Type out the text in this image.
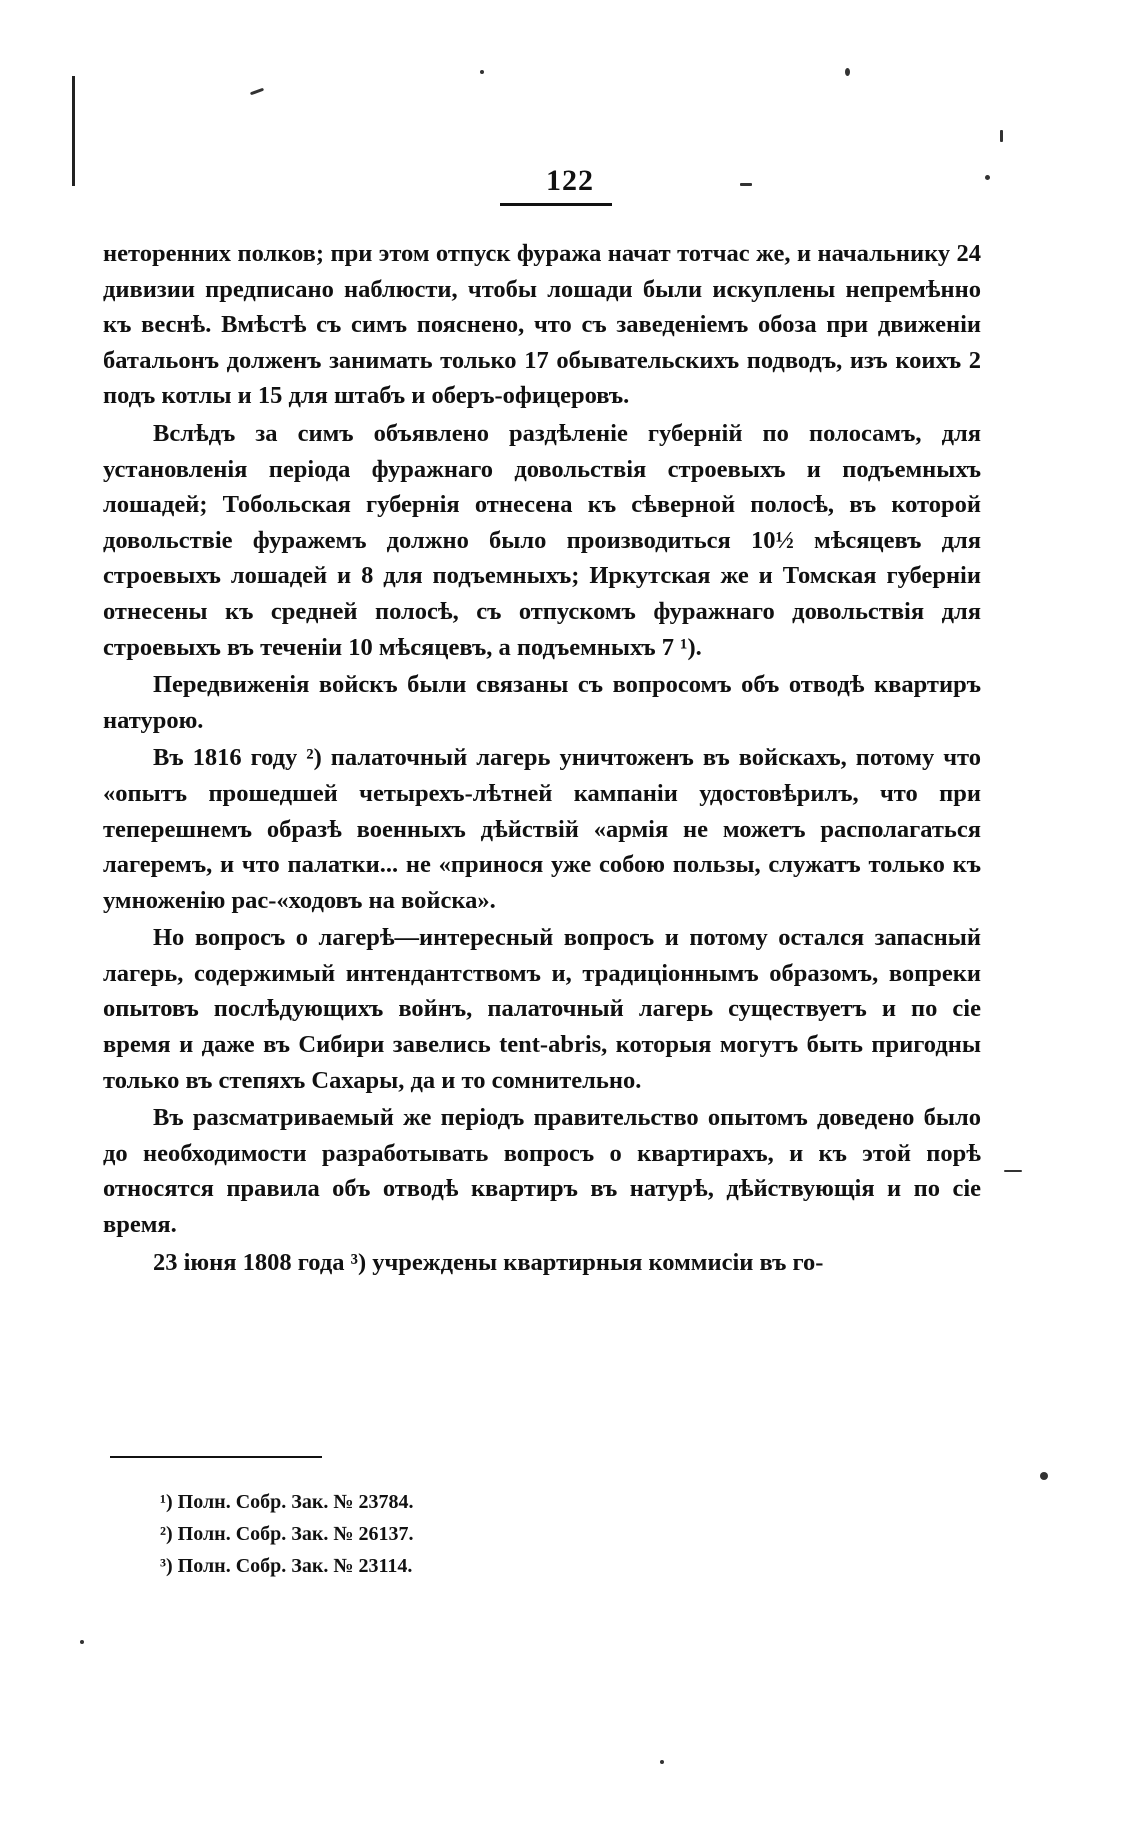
122

неторенних полков; при этом отпуск фуража начат тотчас же, и начальнику 24 дивизии предписано наблюсти, чтобы лошади были искуплены непремѣнно къ веснѣ. Вмѣстѣ съ симъ пояснено, что съ заведенiемъ обоза при движенiи батальонъ долженъ занимать только 17 обывательскихъ подводъ, изъ коихъ 2 подъ котлы и 15 для штабъ и оберъ-офицеровъ.

Вслѣдъ за симъ объявлено раздѣленiе губернiй по полосамъ, для установленiя перiода фуражнаго довольствiя строевыхъ и подъемныхъ лошадей; Тобольская губернiя отнесена къ сѣверной полосѣ, въ которой довольствiе фуражемъ должно было производиться 10½ мѣсяцевъ для строевыхъ лошадей и 8 для подъемныхъ; Иркутская же и Томская губернiи отнесены къ средней полосѣ, съ отпускомъ фуражнаго довольствiя для строевыхъ въ теченiи 10 мѣсяцевъ, а подъемныхъ 7 ¹).

Передвиженiя войскъ были связаны съ вопросомъ объ отводѣ квартиръ натурою.

Въ 1816 году ²) палаточный лагерь уничтоженъ въ войскахъ, потому что «опытъ прошедшей четырехъ-лѣтней кампанiи удостовѣрилъ, что при теперешнемъ образѣ военныхъ дѣйствiй «армiя не можетъ располагаться лагеремъ, и что палатки... не «принося уже собою пользы, служатъ только къ умноженiю рас-«ходовъ на войска».

Но вопросъ о лагерѣ—интересный вопросъ и потому остался запасный лагерь, содержимый интендантствомъ и, традицiоннымъ образомъ, вопреки опытовъ послѣдующихъ войнъ, палаточный лагерь существуетъ и по сiе время и даже въ Сибири завелись tent-abris, которыя могутъ быть пригодны только въ степяхъ Сахары, да и то сомнительно.

Въ разсматриваемый же перiодъ правительство опытомъ доведено было до необходимости разработывать вопросъ о квартирахъ, и къ этой порѣ относятся правила объ отводѣ квартиръ въ натурѣ, дѣйствующiя и по сiе время.

23 iюня 1808 года ³) учреждены квартирныя коммисiи въ го-

¹) Полн. Собр. Зак. № 23784.
²) Полн. Собр. Зак. № 26137.
³) Полн. Собр. Зак. № 23114.
